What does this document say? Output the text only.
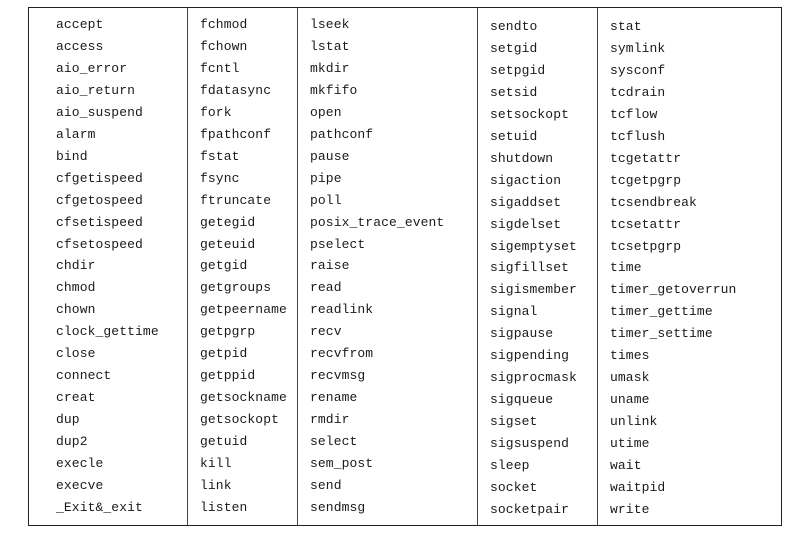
accept
access
aio_error
aio_return
aio_suspend
alarm
bind
cfgetispeed
cfgetospeed
cfsetispeed
cfsetospeed
chdir
chmod
chown
clock_gettime
close
connect
creat
dup
dup2
execle
execve
_Exit&_exit
fchmod
fchown
fcntl
fdatasync
fork
fpathconf
fstat
fsync
ftruncate
getegid
geteuid
getgid
getgroups
getpeername
getpgrp
getpid
getppid
getsockname
getsockopt
getuid
kill
link
listen
lseek
lstat
mkdir
mkfifo
open
pathconf
pause
pipe
poll
posix_trace_event
pselect
raise
read
readlink
recv
recvfrom
recvmsg
rename
rmdir
select
sem_post
send
sendmsg
sendto
setgid
setpgid
setsid
setsockopt
setuid
shutdown
sigaction
sigaddset
sigdelset
sigemptyset
sigfillset
sigismember
signal
sigpause
sigpending
sigprocmask
sigqueue
sigset
sigsuspend
sleep
socket
socketpair
stat
symlink
sysconf
tcdrain
tcflow
tcflush
tcgetattr
tcgetpgrp
tcsendbreak
tcsetattr
tcsetpgrp
time
timer_getoverrun
timer_gettime
timer_settime
times
umask
uname
unlink
utime
wait
waitpid
write
